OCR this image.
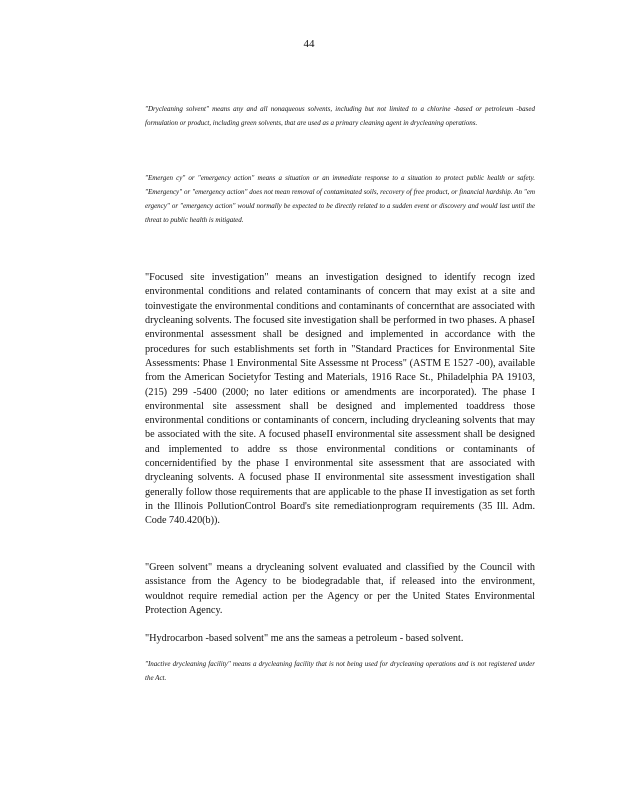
44

"Drycleaning solvent" means any and all nonaqueous solvents, including but not limited to a chlorine -based or petroleum -based formulation or product, including green solvents, that are used as a primary cleaning agent in drycleaning operations.

"Emergen cy" or "emergency action" means a situation or an immediate response to a situation to protect public health or safety. "Emergency" or "emergency action" does not mean removal of contaminated soils, recovery of free product, or financial hardship. An "em ergency" or "emergency action" would normally be expected to be directly related to a sudden event or discovery and would last until the threat to public health is mitigated.

"Focused site investigation" means an investigation designed to identify recogn ized environmental conditions and related contaminants of concern that may exist at a site and toinvestigate the environmental conditions and contaminants of concernthat are associated with drycleaning solvents. The focused site investigation shall be performed in two phases. A phaseI environmental assessment shall be designed and implemented in accordance with the procedures for such establishments set forth in "Standard Practices for Environmental Site Assessments: Phase 1 Environmental Site Assessme nt Process" (ASTM E 1527 -00), available from the American Societyfor Testing and Materials, 1916 Race St., Philadelphia PA 19103, (215) 299 -5400 (2000; no later editions or amendments are incorporated). The phase I environmental site assessment shall be designed and implemented toaddress those environmental conditions or contaminants of concern, including drycleaning solvents that may be associated with the site. A focused phaseII environmental site assessment shall be designed and implemented to addre ss those environmental conditions or contaminants of concernidentified by the phase I environmental site assessment that are associated with drycleaning solvents. A focused phase II environmental site assessment investigation shall generally follow those requirements that are applicable to the phase II investigation as set forth in the Illinois PollutionControl Board's site remediationprogram requirements (35 Ill. Adm. Code 740.420(b)).

"Green solvent" means a drycleaning solvent evaluated and classified by the Council with assistance from the Agency to be biodegradable that, if released into the environment, wouldnot require remedial action per the Agency or per the United States Environmental Protection Agency.

"Hydrocarbon -based solvent" me ans the sameas a petroleum - based solvent.

"Inactive drycleaning facility" means a drycleaning facility that is not being used for drycleaning operations and is not registered under the Act.
